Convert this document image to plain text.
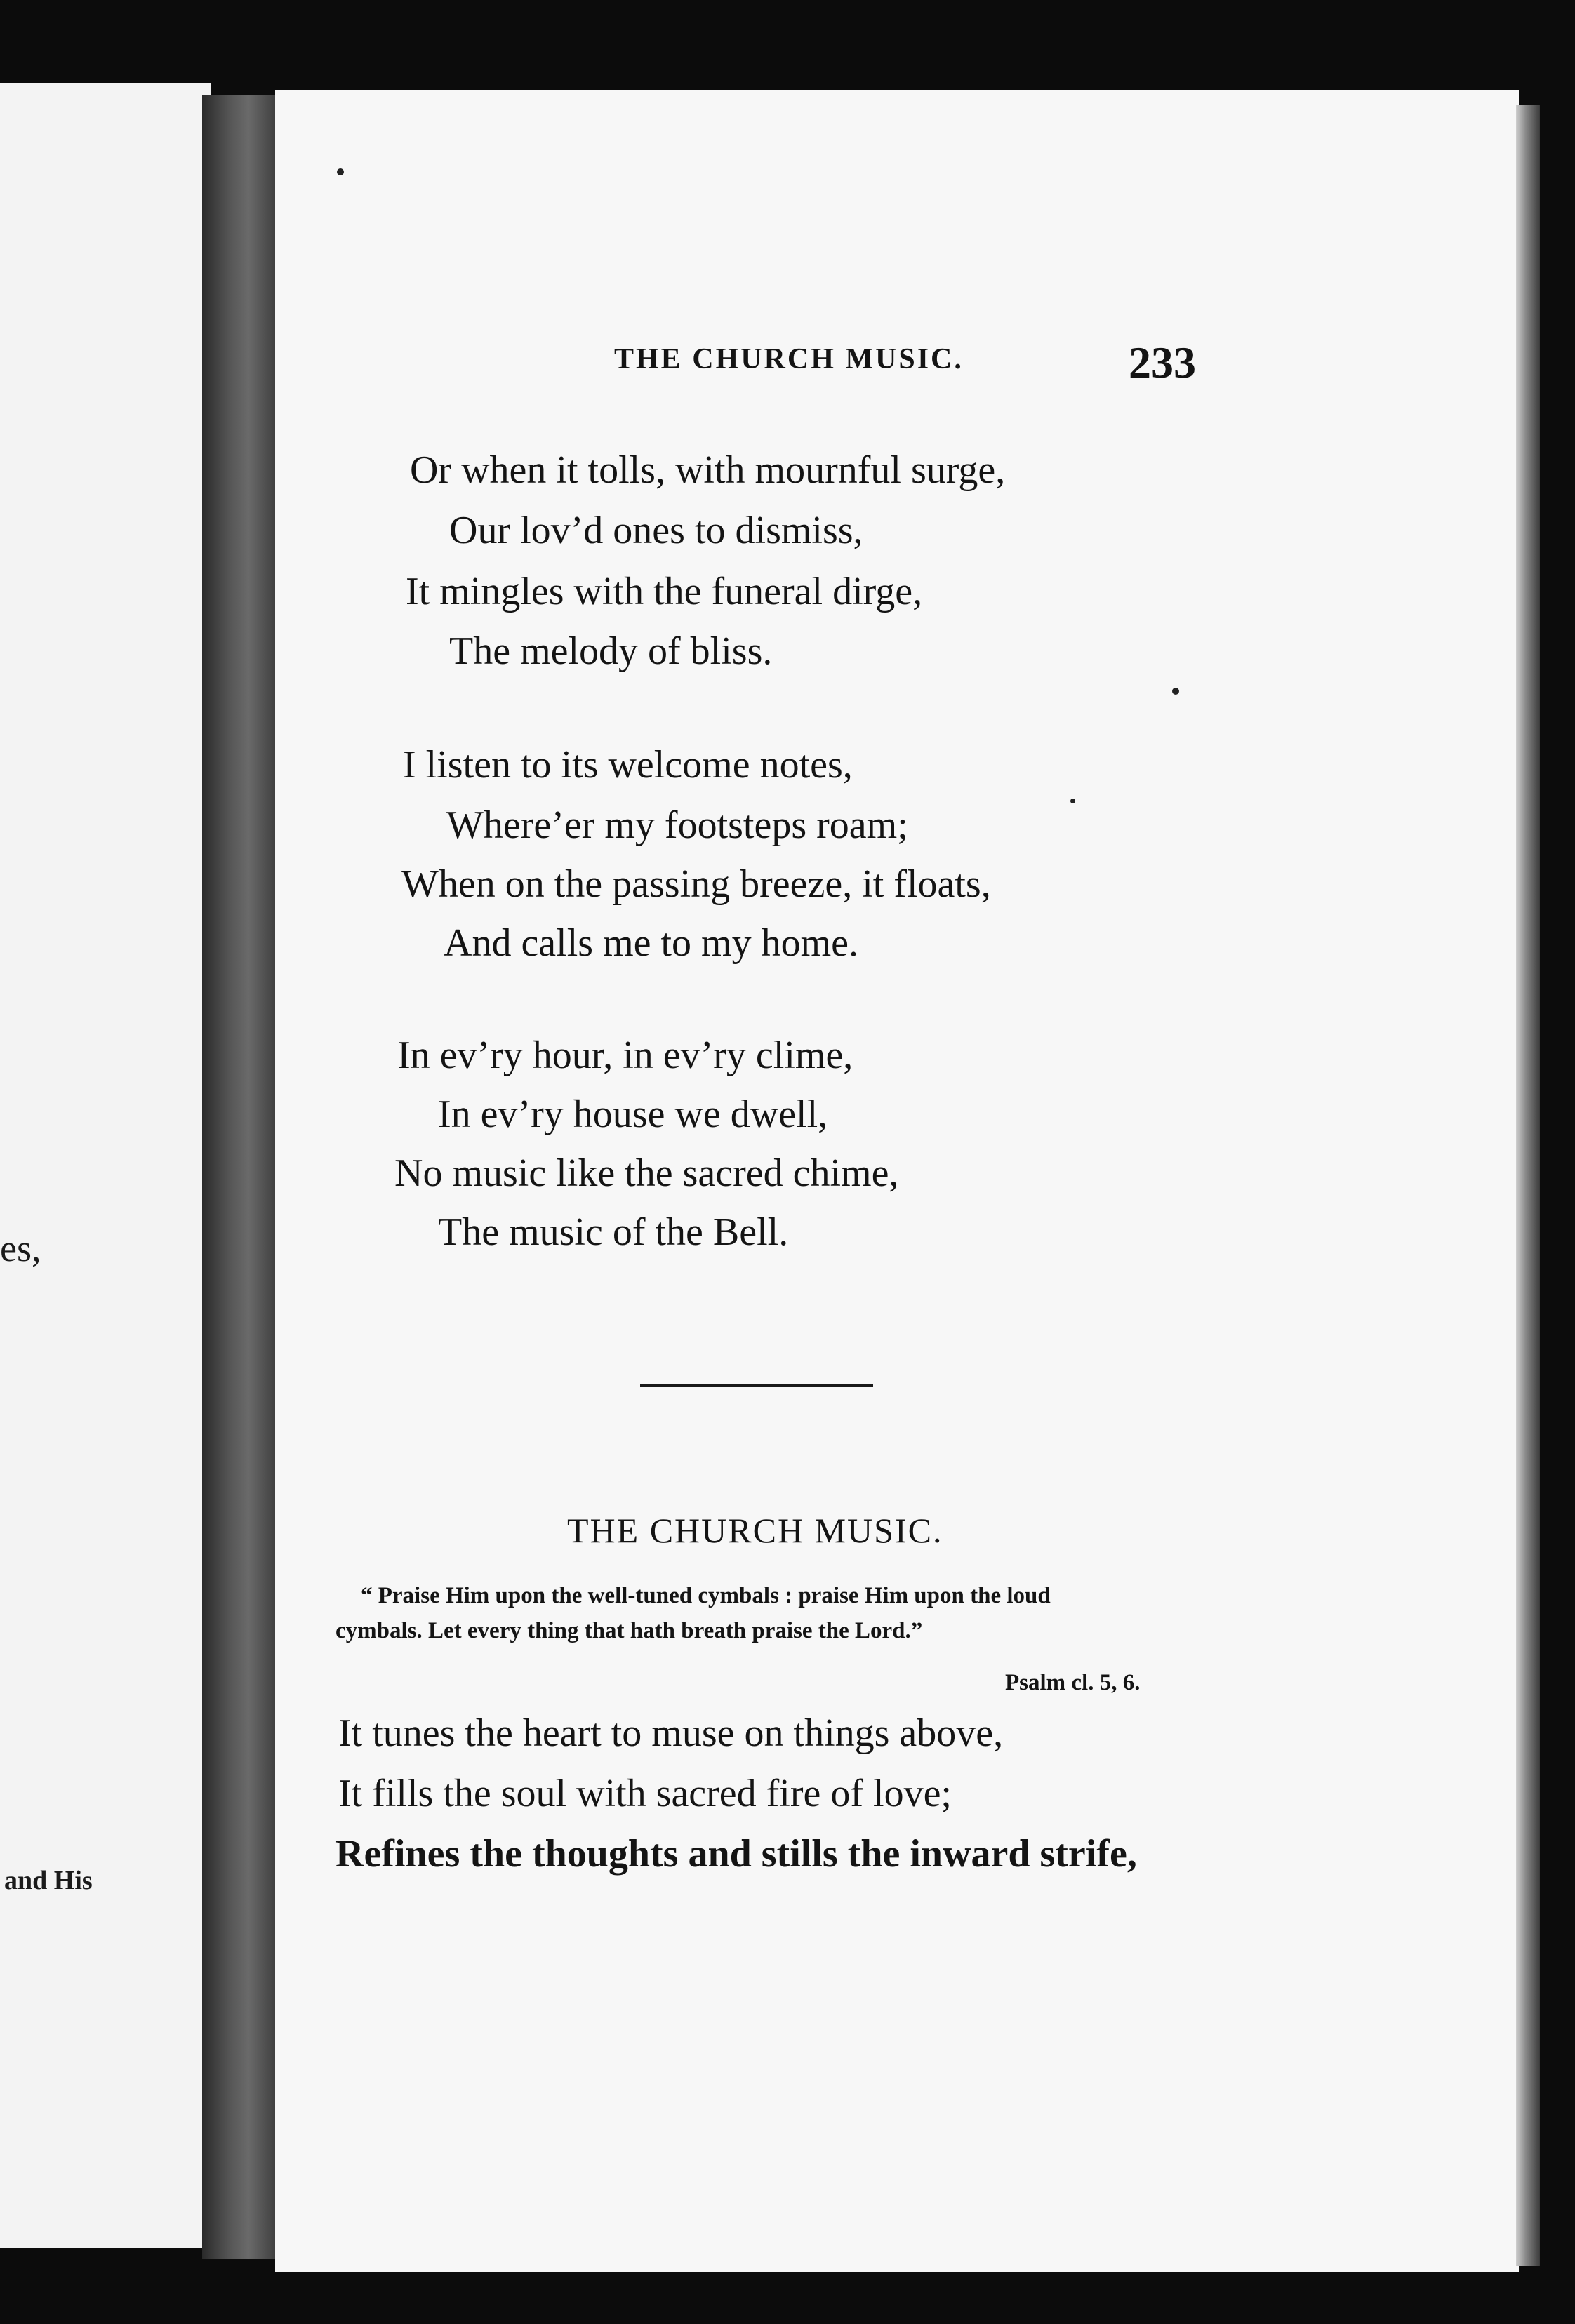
es,
and His
THE CHURCH MUSIC.	233
Or when it tolls, with mournful surge,
Our lov’d ones to dismiss,
It mingles with the funeral dirge,
The melody of bliss.
I listen to its welcome notes,
Where’er my footsteps roam;
When on the passing breeze, it floats,
And calls me to my home.
In ev’ry hour, in ev’ry clime,
In ev’ry house we dwell,
No music like the sacred chime,
The music of the Bell.
THE CHURCH MUSIC.
“ Praise Him upon the well-tuned cymbals : praise Him upon the loud
cymbals. Let every thing that hath breath praise the Lord.”
Psalm cl. 5, 6.
It tunes the heart to muse on things above,
It fills the soul with sacred fire of love;
Refines the thoughts and stills the inward strife,
